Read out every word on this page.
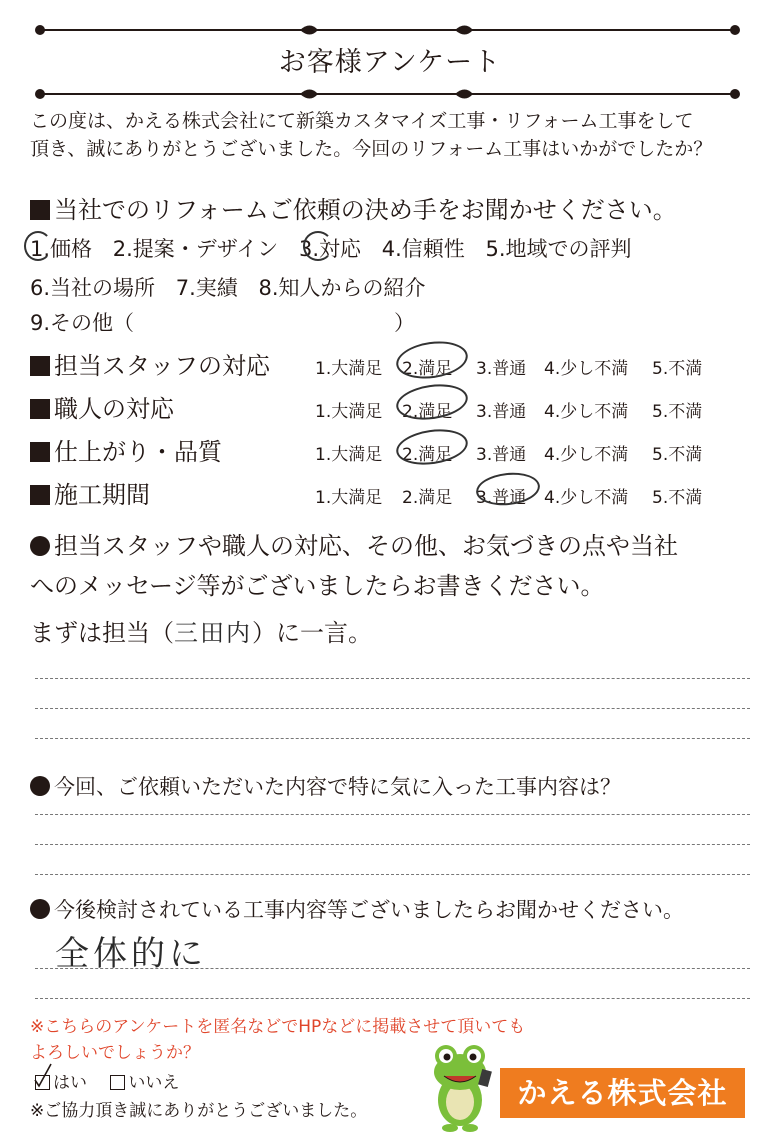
お客様アンケート
この度は、かえる株式会社にて新築カスタマイズ工事・リフォーム工事をして
頂き、誠にありがとうございました。今回のリフォーム工事はいかがでしたか？
当社でのリフォームご依頼の決め手をお聞かせください。
1.価格 2.提案・デザイン 3.対応 4.信頼性 5.地域での評判
6.当社の場所 7.実績 8.知人からの紹介
9.その他（	）
担当スタッフの対応	1.大満足 2.満足 3.普通 4.少し不満 5.不満
職人の対応	1.大満足 2.満足 3.普通 4.少し不満 5.不満
仕上がり・品質	1.大満足 2.満足 3.普通 4.少し不満 5.不満
施工期間	1.大満足 2.満足 3.普通 4.少し不満 5.不満
担当スタッフや職人の対応、その他、お気づきの点や当社
へのメッセージ等がございましたらお書きください。
まずは担当（三田内）に一言。
今回、ご依頼いただいた内容で特に気に入った工事内容は？
今後検討されている工事内容等ございましたらお聞かせください。
全体的に
※こちらのアンケートを匿名などでHPなどに掲載させて頂いても
よろしいでしょうか？
はい いいえ
※ご協力頂き誠にありがとうございました。
かえる株式会社
